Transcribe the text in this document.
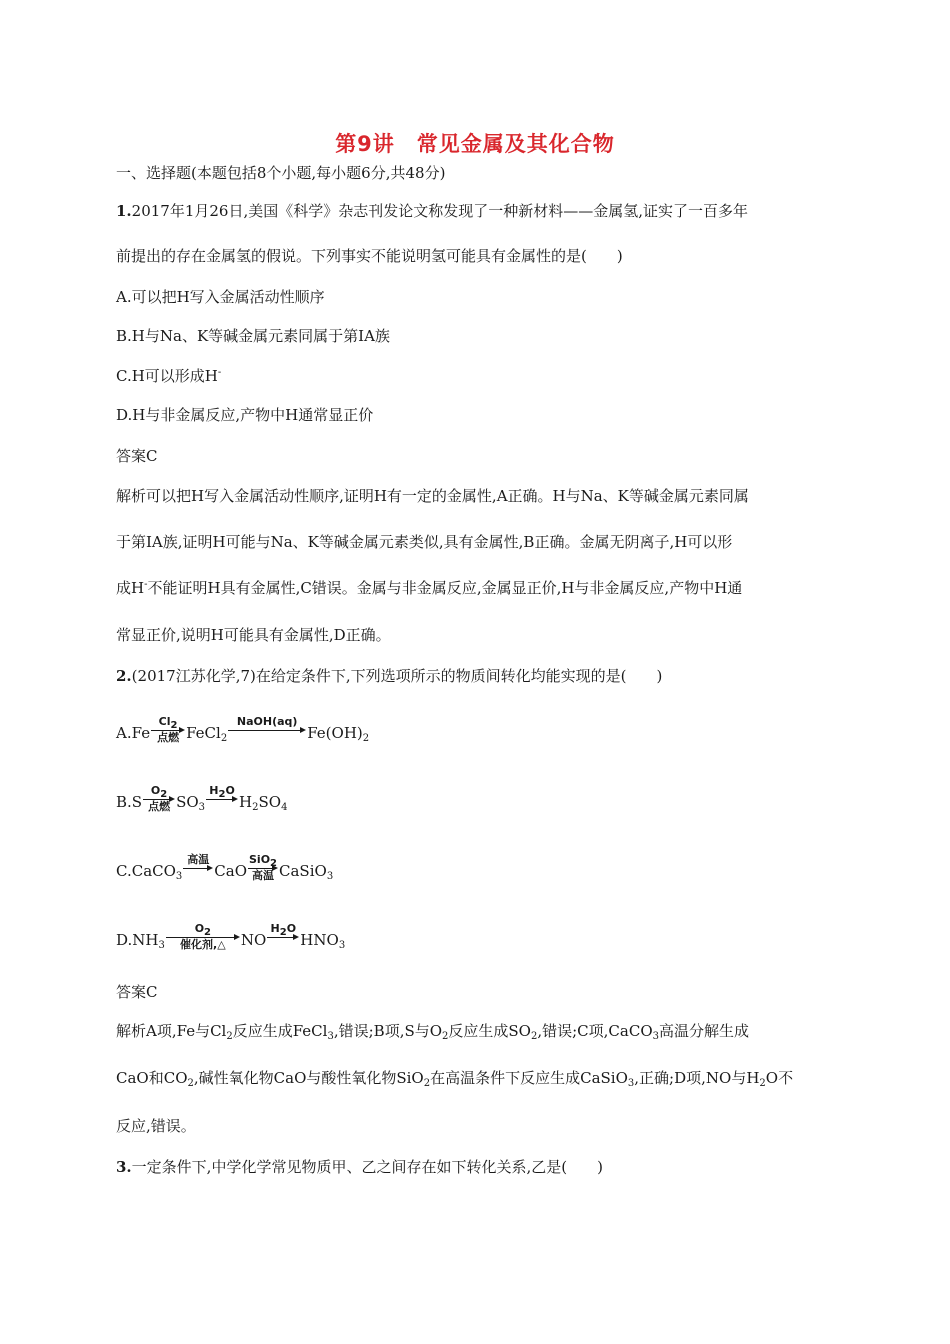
第9讲　常见金属及其化合物

一、选择题(本题包括8个小题,每小题6分,共48分)

1.2017年1月26日,美国《科学》杂志刊发论文称发现了一种新材料——金属氢,证实了一百多年

前提出的存在金属氢的假说。下列事实不能说明氢可能具有金属性的是(　　)

A.可以把H写入金属活动性顺序

B.H与Na、K等碱金属元素同属于第ⅠA族

C.H可以形成H-

D.H与非金属反应,产物中H通常显正价

答案C

解析可以把H写入金属活动性顺序,证明H有一定的金属性,A正确。H与Na、K等碱金属元素同属

于第ⅠA族,证明H可能与Na、K等碱金属元素类似,具有金属性,B正确。金属无阴离子,H可以形

成H-不能证明H具有金属性,C错误。金属与非金属反应,金属显正价,H与非金属反应,产物中H通

常显正价,说明H可能具有金属性,D正确。

2.(2017江苏化学,7)在给定条件下,下列选项所示的物质间转化均能实现的是(　　)

A.Fe
$Cl_2$
点燃 FeCl$_2$
NaOH(aq)
$Fe(OH)_2$

B.S
$O_2$
点燃 $SO_3$
$H_2O$
$H_2SO_4$

C.CaCO$_3$
高温
CaO
SiO$_2$
高温 CaSiO$_3$

$D.NH_3$
$O_2$
催化剂,△	NO
$H_2O$
$HNO_3$

答案C

解析A项,Fe与$Cl_2$反应生成FeCl$_3$,错误;B项,S与$O_2$反应生成$SO_2$,错误;C项,CaCO$_3$高温分解生成

CaO和$CO_2$,碱性氧化物CaO与酸性氧化物SiO$_2$在高温条件下反应生成CaSiO$_3$,正确;D项,NO与$H_2O$不

反应,错误。

3.一定条件下,中学化学常见物质甲、乙之间存在如下转化关系,乙是(　　)
